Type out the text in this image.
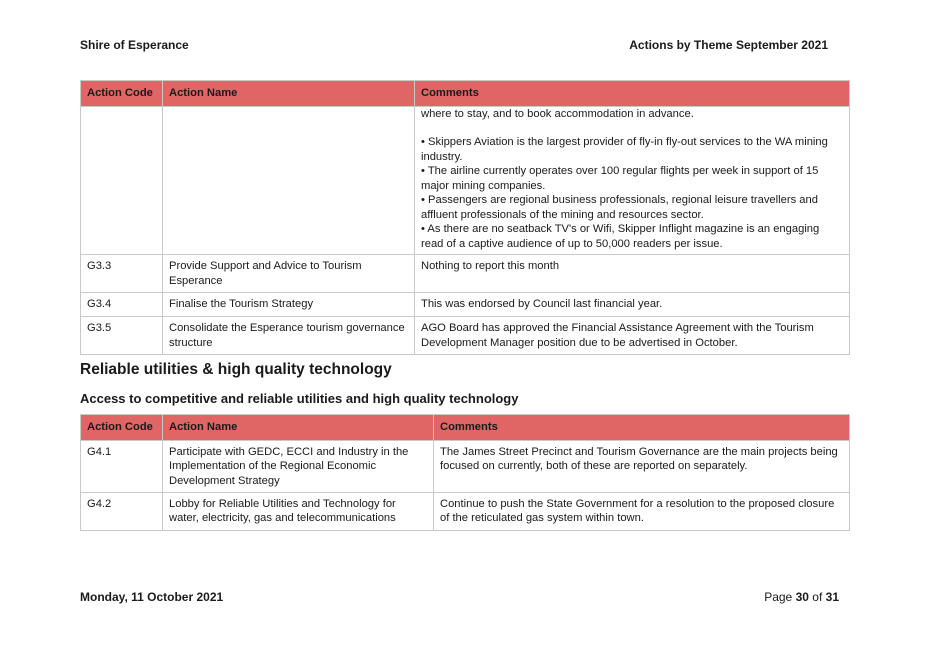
Shire of Esperance	Actions by Theme September 2021
Action Code	Action Name	Comments

		where to stay, and to book accommodation in advance.

• Skippers Aviation is the largest provider of fly-in fly-out services to the WA mining industry.

• The airline currently operates over 100 regular flights per week in support of 15 major mining companies.

• Passengers are regional business professionals, regional leisure travellers and affluent professionals of the mining and resources sector.

• As there are no seatback TV's or Wifi, Skipper Inflight magazine is an engaging read of a captive audience of up to 50,000 readers per issue.

G3.3	Provide Support and Advice to Tourism Esperance	Nothing to report this month
G3.4	Finalise the Tourism Strategy	This was endorsed by Council last financial year.
G3.5	Consolidate the Esperance tourism governance structure	AGO Board has approved the Financial Assistance Agreement with the Tourism Development Manager position due to be advertised in October.
Reliable utilities & high quality technology
Access to competitive and reliable utilities and high quality technology
Action Code	Action Name	Comments
G4.1	Participate with GEDC, ECCI and Industry in the Implementation of the Regional Economic Development Strategy	The James Street Precinct and Tourism Governance are the main projects being focused on currently, both of these are reported on separately.
G4.2	Lobby for Reliable Utilities and Technology for water, electricity, gas and telecommunications	Continue to push the State Government for a resolution to the proposed closure of the reticulated gas system within town.
Monday, 11 October 2021	Page 30 of 31
